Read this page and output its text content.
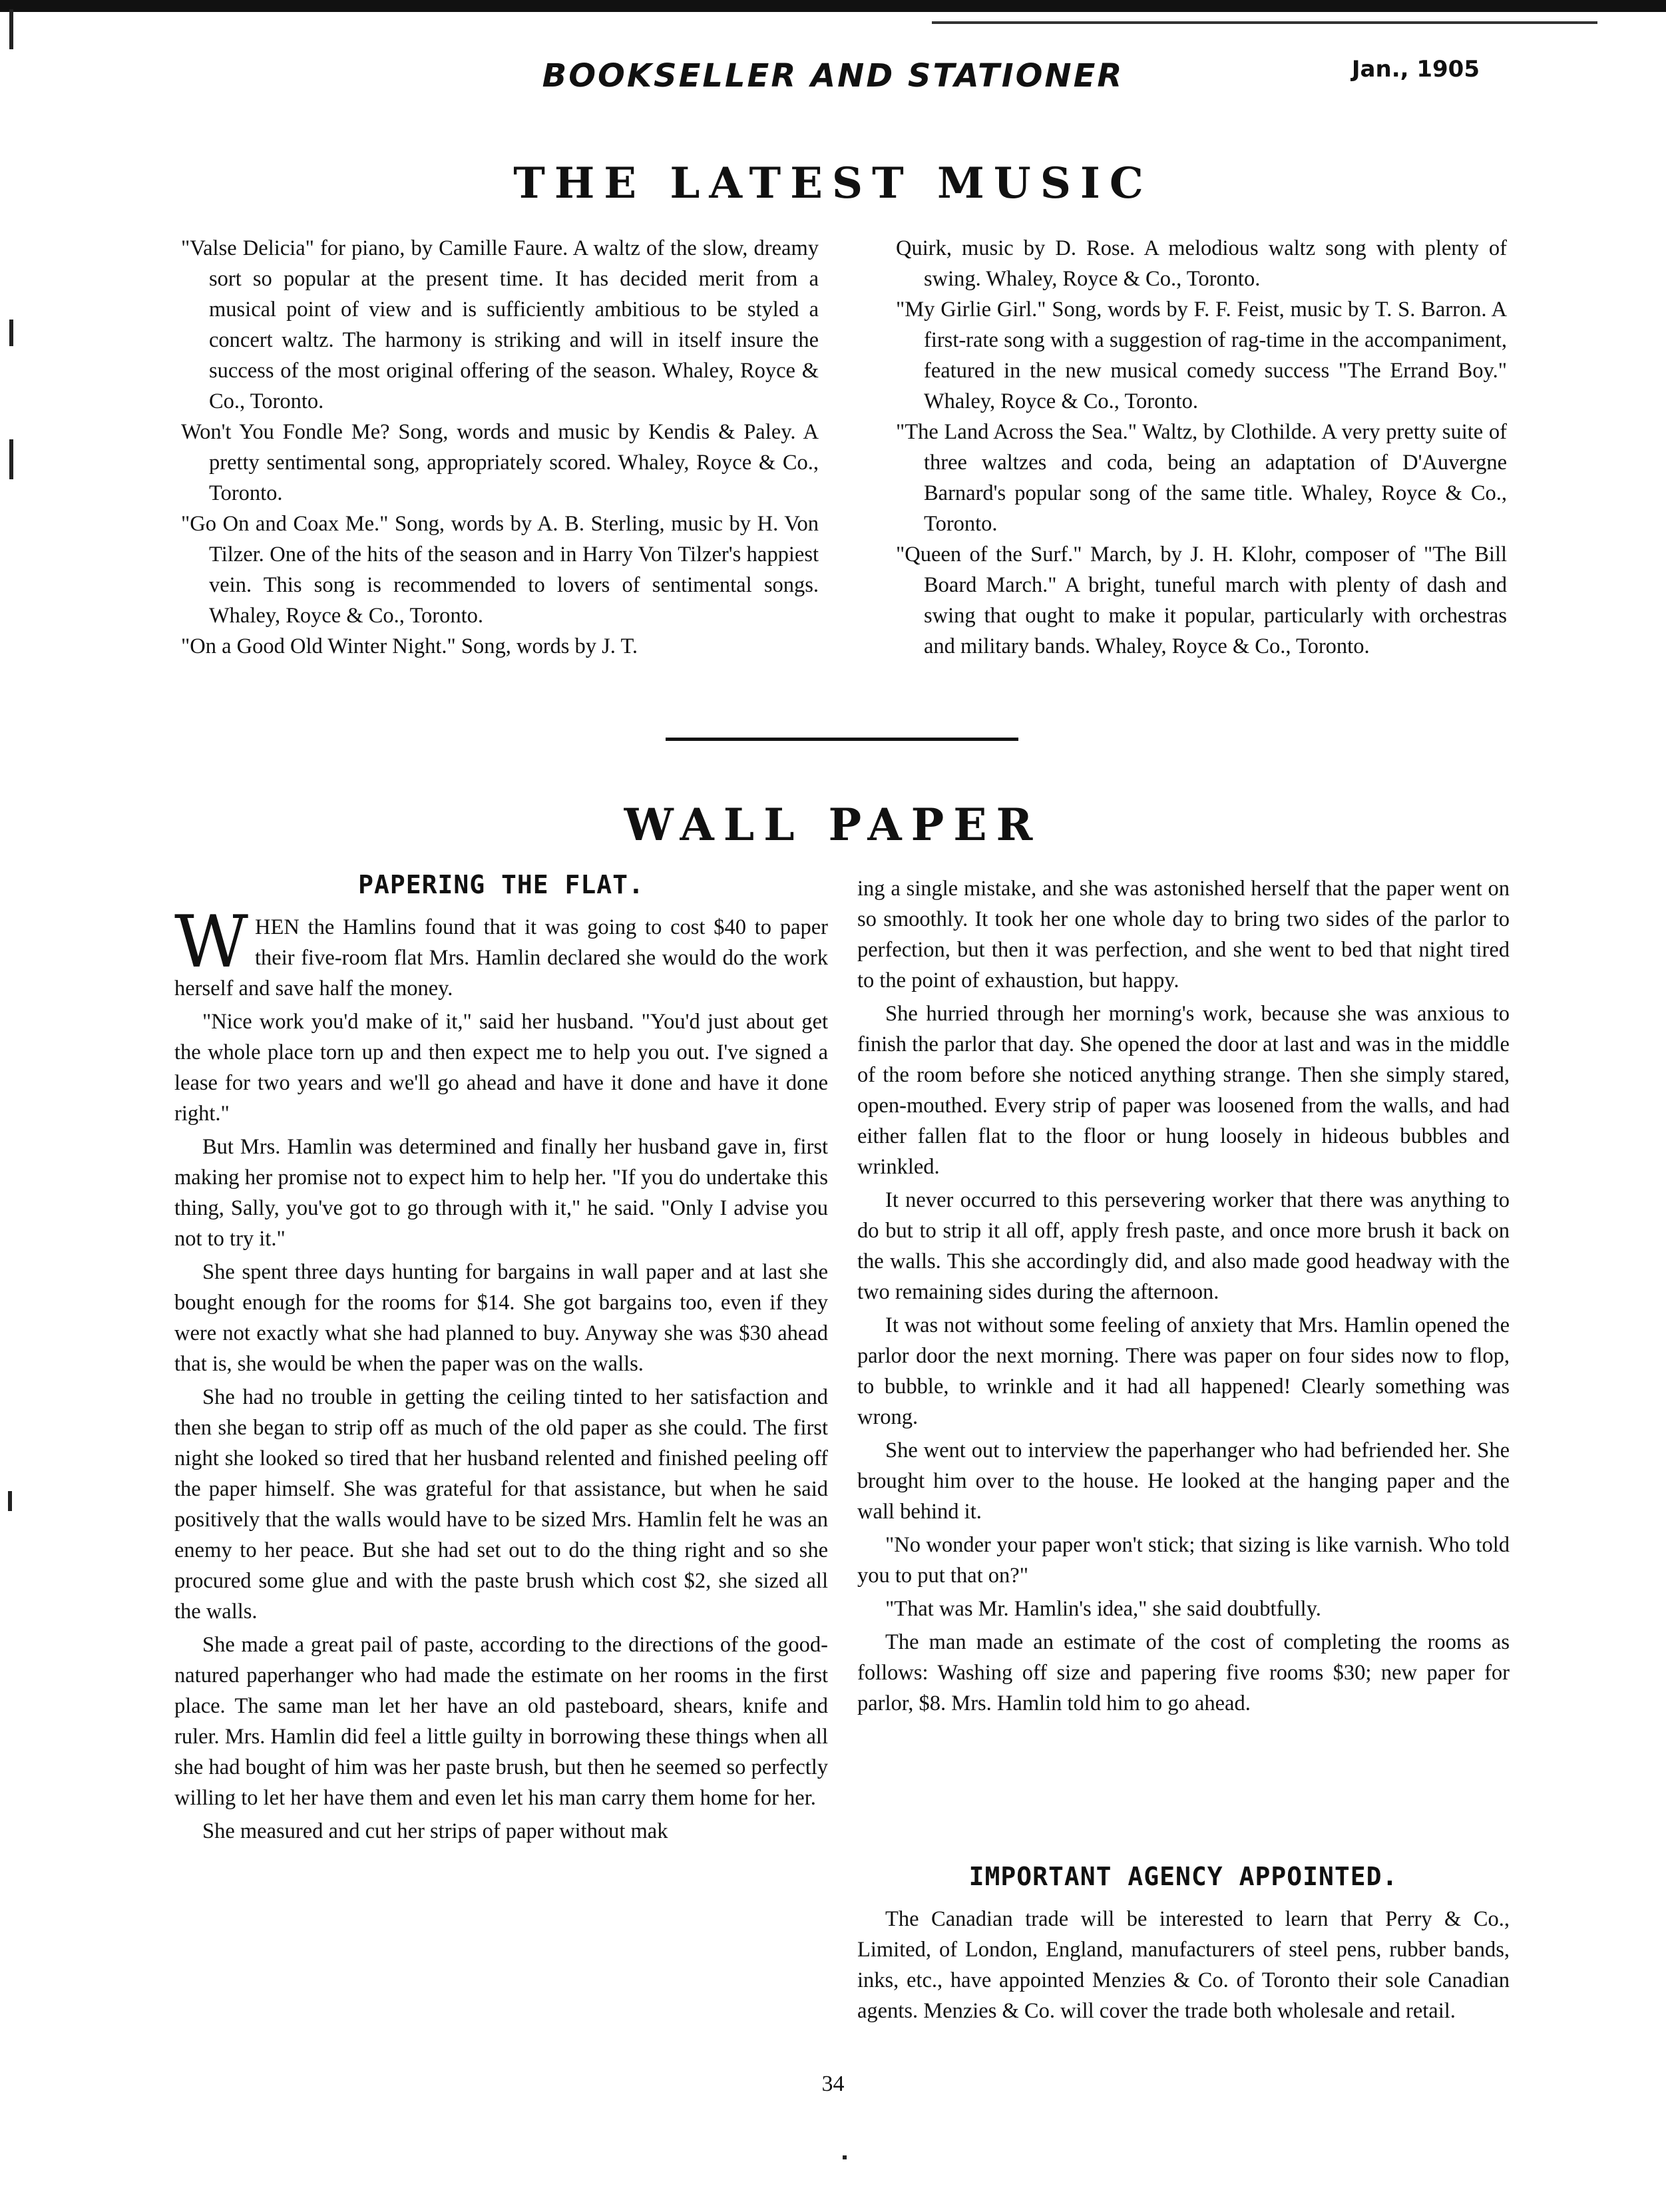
BOOKSELLER AND STATIONER	Jan., 1905
THE LATEST MUSIC

"Valse Delicia" for piano, by Camille Faure. A waltz of the slow, dreamy sort so popular at the present time. It has decided merit from a musical point of view and is sufficiently ambitious to be styled a concert waltz. The harmony is striking and will in itself insure the success of the most original offering of the season. Whaley, Royce & Co., Toronto.

Won't You Fondle Me? Song, words and music by Kendis & Paley. A pretty sentimental song, appropriately scored. Whaley, Royce & Co., Toronto.

"Go On and Coax Me." Song, words by A. B. Sterling, music by H. Von Tilzer. One of the hits of the season and in Harry Von Tilzer's happiest vein. This song is recommended to lovers of sentimental songs. Whaley, Royce & Co., Toronto.

"On a Good Old Winter Night." Song, words by J. T.

Quirk, music by D. Rose. A melodious waltz song with plenty of swing. Whaley, Royce & Co., Toronto.

"My Girlie Girl." Song, words by F. F. Feist, music by T. S. Barron. A first-rate song with a suggestion of rag-time in the accompaniment, featured in the new musical comedy success "The Errand Boy." Whaley, Royce & Co., Toronto.

"The Land Across the Sea." Waltz, by Clothilde. A very pretty suite of three waltzes and coda, being an adaptation of D'Auvergne Barnard's popular song of the same title. Whaley, Royce & Co., Toronto.

"Queen of the Surf." March, by J. H. Klohr, composer of "The Bill Board March." A bright, tuneful march with plenty of dash and swing that ought to make it popular, particularly with orchestras and military bands. Whaley, Royce & Co., Toronto.

WALL PAPER
PAPERING THE FLAT.

WHEN the Hamlins found that it was going to cost $40 to paper their five-room flat Mrs. Hamlin declared she would do the work herself and save half the money.

"Nice work you'd make of it," said her husband. "You'd just about get the whole place torn up and then expect me to help you out. I've signed a lease for two years and we'll go ahead and have it done and have it done right."

But Mrs. Hamlin was determined and finally her husband gave in, first making her promise not to expect him to help her. "If you do undertake this thing, Sally, you've got to go through with it," he said. "Only I advise you not to try it."

She spent three days hunting for bargains in wall paper and at last she bought enough for the rooms for $14. She got bargains too, even if they were not exactly what she had planned to buy. Anyway she was $30 ahead that is, she would be when the paper was on the walls.

She had no trouble in getting the ceiling tinted to her satisfaction and then she began to strip off as much of the old paper as she could. The first night she looked so tired that her husband relented and finished peeling off the paper himself. She was grateful for that assistance, but when he said positively that the walls would have to be sized Mrs. Hamlin felt he was an enemy to her peace. But she had set out to do the thing right and so she procured some glue and with the paste brush which cost $2, she sized all the walls.

She made a great pail of paste, according to the directions of the good-natured paperhanger who had made the estimate on her rooms in the first place. The same man let her have an old pasteboard, shears, knife and ruler. Mrs. Hamlin did feel a little guilty in borrowing these things when all she had bought of him was her paste brush, but then he seemed so perfectly willing to let her have them and even let his man carry them home for her.

She measured and cut her strips of paper without mak

ing a single mistake, and she was astonished herself that the paper went on so smoothly. It took her one whole day to bring two sides of the parlor to perfection, but then it was perfection, and she went to bed that night tired to the point of exhaustion, but happy.

She hurried through her morning's work, because she was anxious to finish the parlor that day. She opened the door at last and was in the middle of the room before she noticed anything strange. Then she simply stared, open-mouthed. Every strip of paper was loosened from the walls, and had either fallen flat to the floor or hung loosely in hideous bubbles and wrinkled.

It never occurred to this persevering worker that there was anything to do but to strip it all off, apply fresh paste, and once more brush it back on the walls. This she accordingly did, and also made good headway with the two remaining sides during the afternoon.

It was not without some feeling of anxiety that Mrs. Hamlin opened the parlor door the next morning. There was paper on four sides now to flop, to bubble, to wrinkle and it had all happened! Clearly something was wrong.

She went out to interview the paperhanger who had befriended her. She brought him over to the house. He looked at the hanging paper and the wall behind it.

"No wonder your paper won't stick; that sizing is like varnish. Who told you to put that on?"

"That was Mr. Hamlin's idea," she said doubtfully.

The man made an estimate of the cost of completing the rooms as follows: Washing off size and papering five rooms $30; new paper for parlor, $8. Mrs. Hamlin told him to go ahead.

IMPORTANT AGENCY APPOINTED.

The Canadian trade will be interested to learn that Perry & Co., Limited, of London, England, manufacturers of steel pens, rubber bands, inks, etc., have appointed Menzies & Co. of Toronto their sole Canadian agents. Menzies & Co. will cover the trade both wholesale and retail.

34
